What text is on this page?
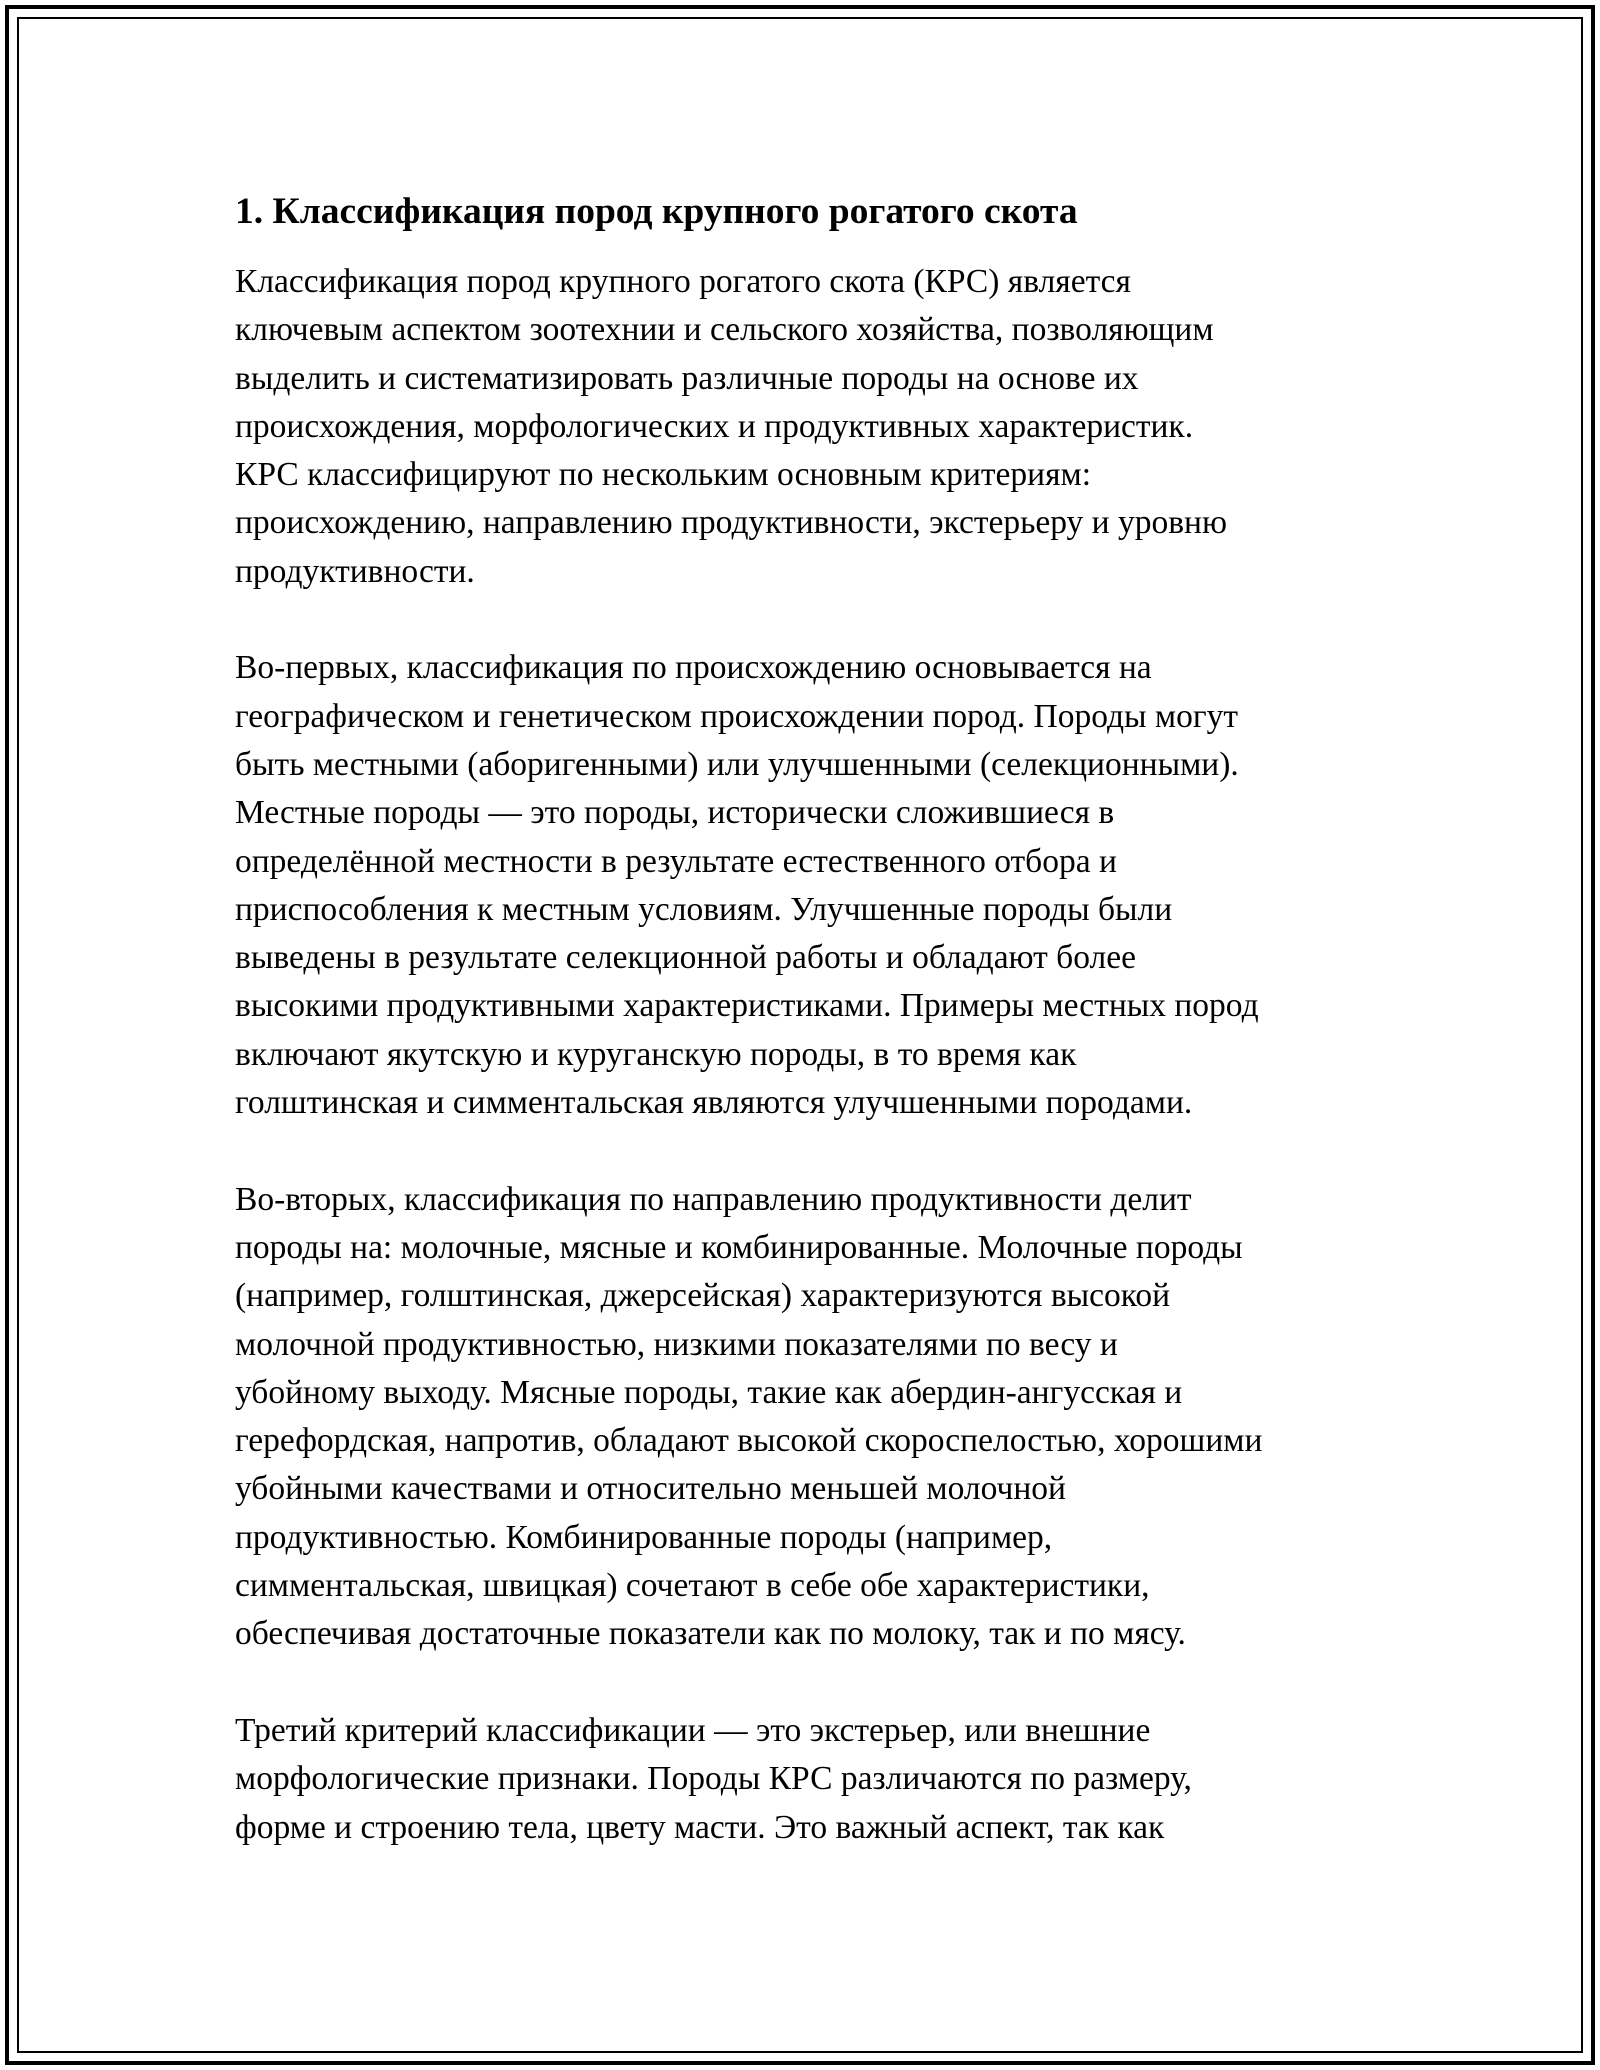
1. Классификация пород крупного рогатого скота
Классификация пород крупного рогатого скота (КРС) является
ключевым аспектом зоотехнии и сельского хозяйства, позволяющим
выделить и систематизировать различные породы на основе их
происхождения, морфологических и продуктивных характеристик.
КРС классифицируют по нескольким основным критериям:
происхождению, направлению продуктивности, экстерьеру и уровню
продуктивности.
Во-первых, классификация по происхождению основывается на
географическом и генетическом происхождении пород. Породы могут
быть местными (аборигенными) или улучшенными (селекционными).
Местные породы — это породы, исторически сложившиеся в
определённой местности в результате естественного отбора и
приспособления к местным условиям. Улучшенные породы были
выведены в результате селекционной работы и обладают более
высокими продуктивными характеристиками. Примеры местных пород
включают якутскую и куруганскую породы, в то время как
голштинская и симментальская являются улучшенными породами.
Во-вторых, классификация по направлению продуктивности делит
породы на: молочные, мясные и комбинированные. Молочные породы
(например, голштинская, джерсейская) характеризуются высокой
молочной продуктивностью, низкими показателями по весу и
убойному выходу. Мясные породы, такие как абердин-ангусская и
герефордская, напротив, обладают высокой скороспелостью, хорошими
убойными качествами и относительно меньшей молочной
продуктивностью. Комбинированные породы (например,
симментальская, швицкая) сочетают в себе обе характеристики,
обеспечивая достаточные показатели как по молоку, так и по мясу.
Третий критерий классификации — это экстерьер, или внешние
морфологические признаки. Породы КРС различаются по размеру,
форме и строению тела, цвету масти. Это важный аспект, так как
